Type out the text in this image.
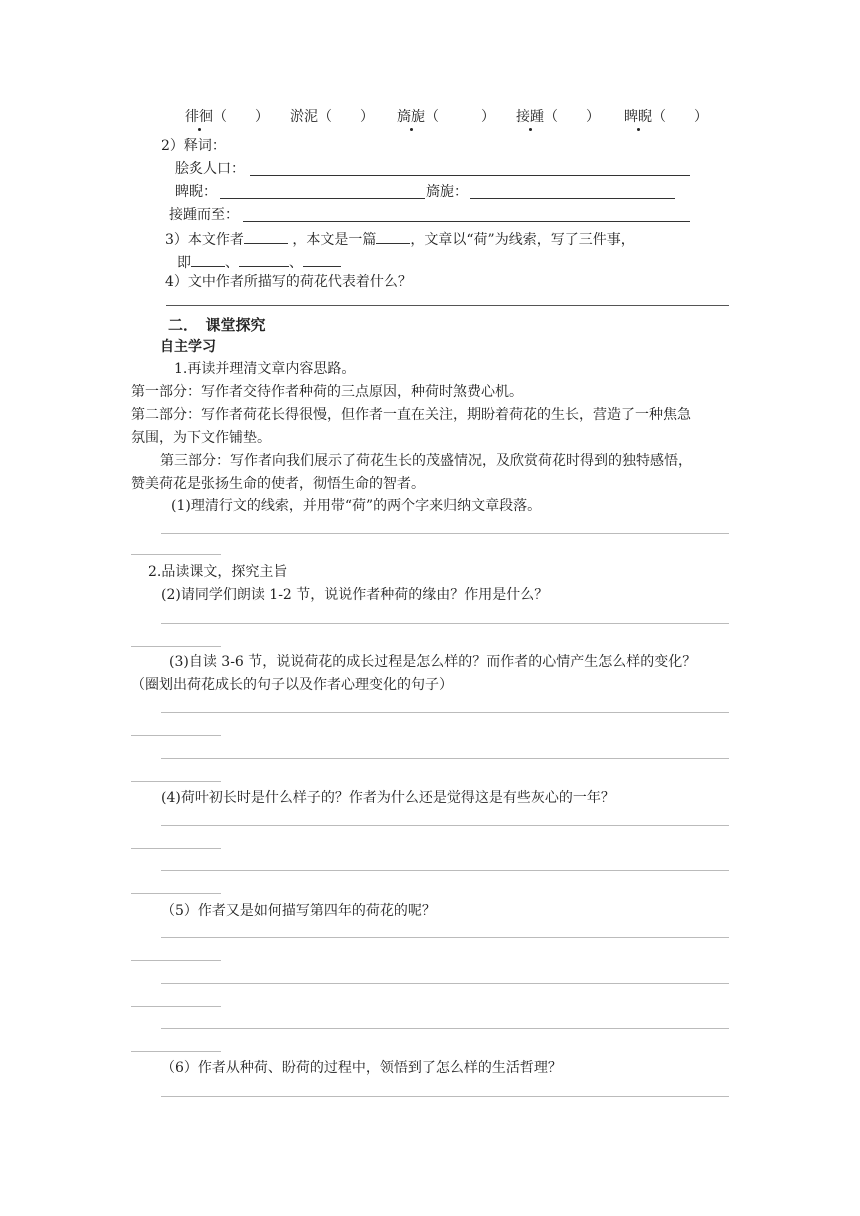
徘徊（　　） 淤泥（　　） 旖旎（　　　） 接踵（　　） 睥睨（　　）
2）释词：
脍炙人口：
睥睨：	旖旎：
接踵而至：
3）本文作者	，本文是一篇 ，文章以“荷”为线索，写了三件事，
即 、	、
4）文中作者所描写的荷花代表着什么？
二．　课堂探究
自主学习
1.再读并理清文章内容思路。
第一部分：写作者交待作者种荷的三点原因，种荷时煞费心机。
第二部分：写作者荷花长得很慢，但作者一直在关注，期盼着荷花的生长，营造了一种焦急
氛围，为下文作铺垫。
第三部分：写作者向我们展示了荷花生长的茂盛情况，及欣赏荷花时得到的独特感悟，
赞美荷花是张扬生命的使者，彻悟生命的智者。
(1)理清行文的线索，并用带“荷”的两个字来归纳文章段落。
2.品读课文，探究主旨
(2)请同学们朗读 1-2 节，说说作者种荷的缘由？作用是什么？
(3)自读 3-6 节，说说荷花的成长过程是怎么样的？而作者的心情产生怎么样的变化？
（圈划出荷花成长的句子以及作者心理变化的句子）
(4)荷叶初长时是什么样子的？作者为什么还是觉得这是有些灰心的一年？
（5）作者又是如何描写第四年的荷花的呢？
（6）作者从种荷、盼荷的过程中，领悟到了怎么样的生活哲理？
